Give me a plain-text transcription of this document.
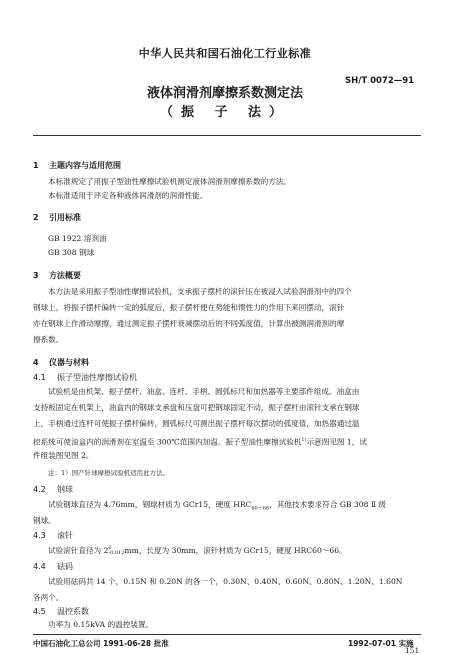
中华人民共和国石油化工行业标准
SH/T 0072—91
液体润滑剂摩擦系数测定法
（振 子 法）
1 主题内容与适用范围
本标准规定了用振子型油性摩擦试验机测定液体润滑剂摩擦系数的方法。
本标准适用于评定各种液体润滑剂的润滑性能。
2 引用标准
GB 1922 溶剂油
GB 308 钢球
3 方法概要
本方法是采用振子型油性摩擦试验机，支承振子摆杆的滚针压在被浸入试验润滑剂中的四个
钢球上，将振子摆杆偏转一定的弧度后，振子摆杆便在势能和惯性力的作用下来回摆动，滚针
亦在钢球上作滑动摩擦，通过测定振子摆杆衰减摆动后的不同弧度值，计算出被测润滑剂的摩
擦系数。
4 仪器与材料
4.1 振子型油性摩擦试验机
试验机是由机架、振子摆杆、油盒、连杆、手柄、圆弧标尺和加热器等主要部件组成。油盒由
支持板固定在机架上，油盒内的钢球支承盘和压盘可把钢球固定不动，振子摆杆由滚针支承在钢球
上，手柄通过连杆可使振子摆杆偏转，圆弧标尺可测出振子摆杆每次摆动的弧度值，加热器通过温
控系统可使油盒内的润滑剂在室温至 300℃范围内加温。振子型油性摩擦试验机$^{1)}$示意图见图 1，试
件组装图见图 2。
注：1）国产针球摩擦试验机适用此方法。
4.2 钢球
试验钢球直径为 4.76mm，钢球材质为 GCr15，硬度 $HRC_{60\sim 66}$，其他技术要求符合 GB 308 Ⅱ 级
钢球。
4.3 滚针
试验滚针直径为 2 0
-0.012 mm，长度为 30mm，滚针材质为 GCr15，硬度 HRC60～66。
4.4 砝码
试验用砝码共 14 个，0.15N 和 0.20N 的各一个，0.30N、0.40N、0.60N、0.80N、1.20N、1.60N
各两个。
4.5 温控系数
功率为 0.15kVA 的温控装置。
中国石油化工总公司 1991-06-28 批准	1992-07-01 实施
151
